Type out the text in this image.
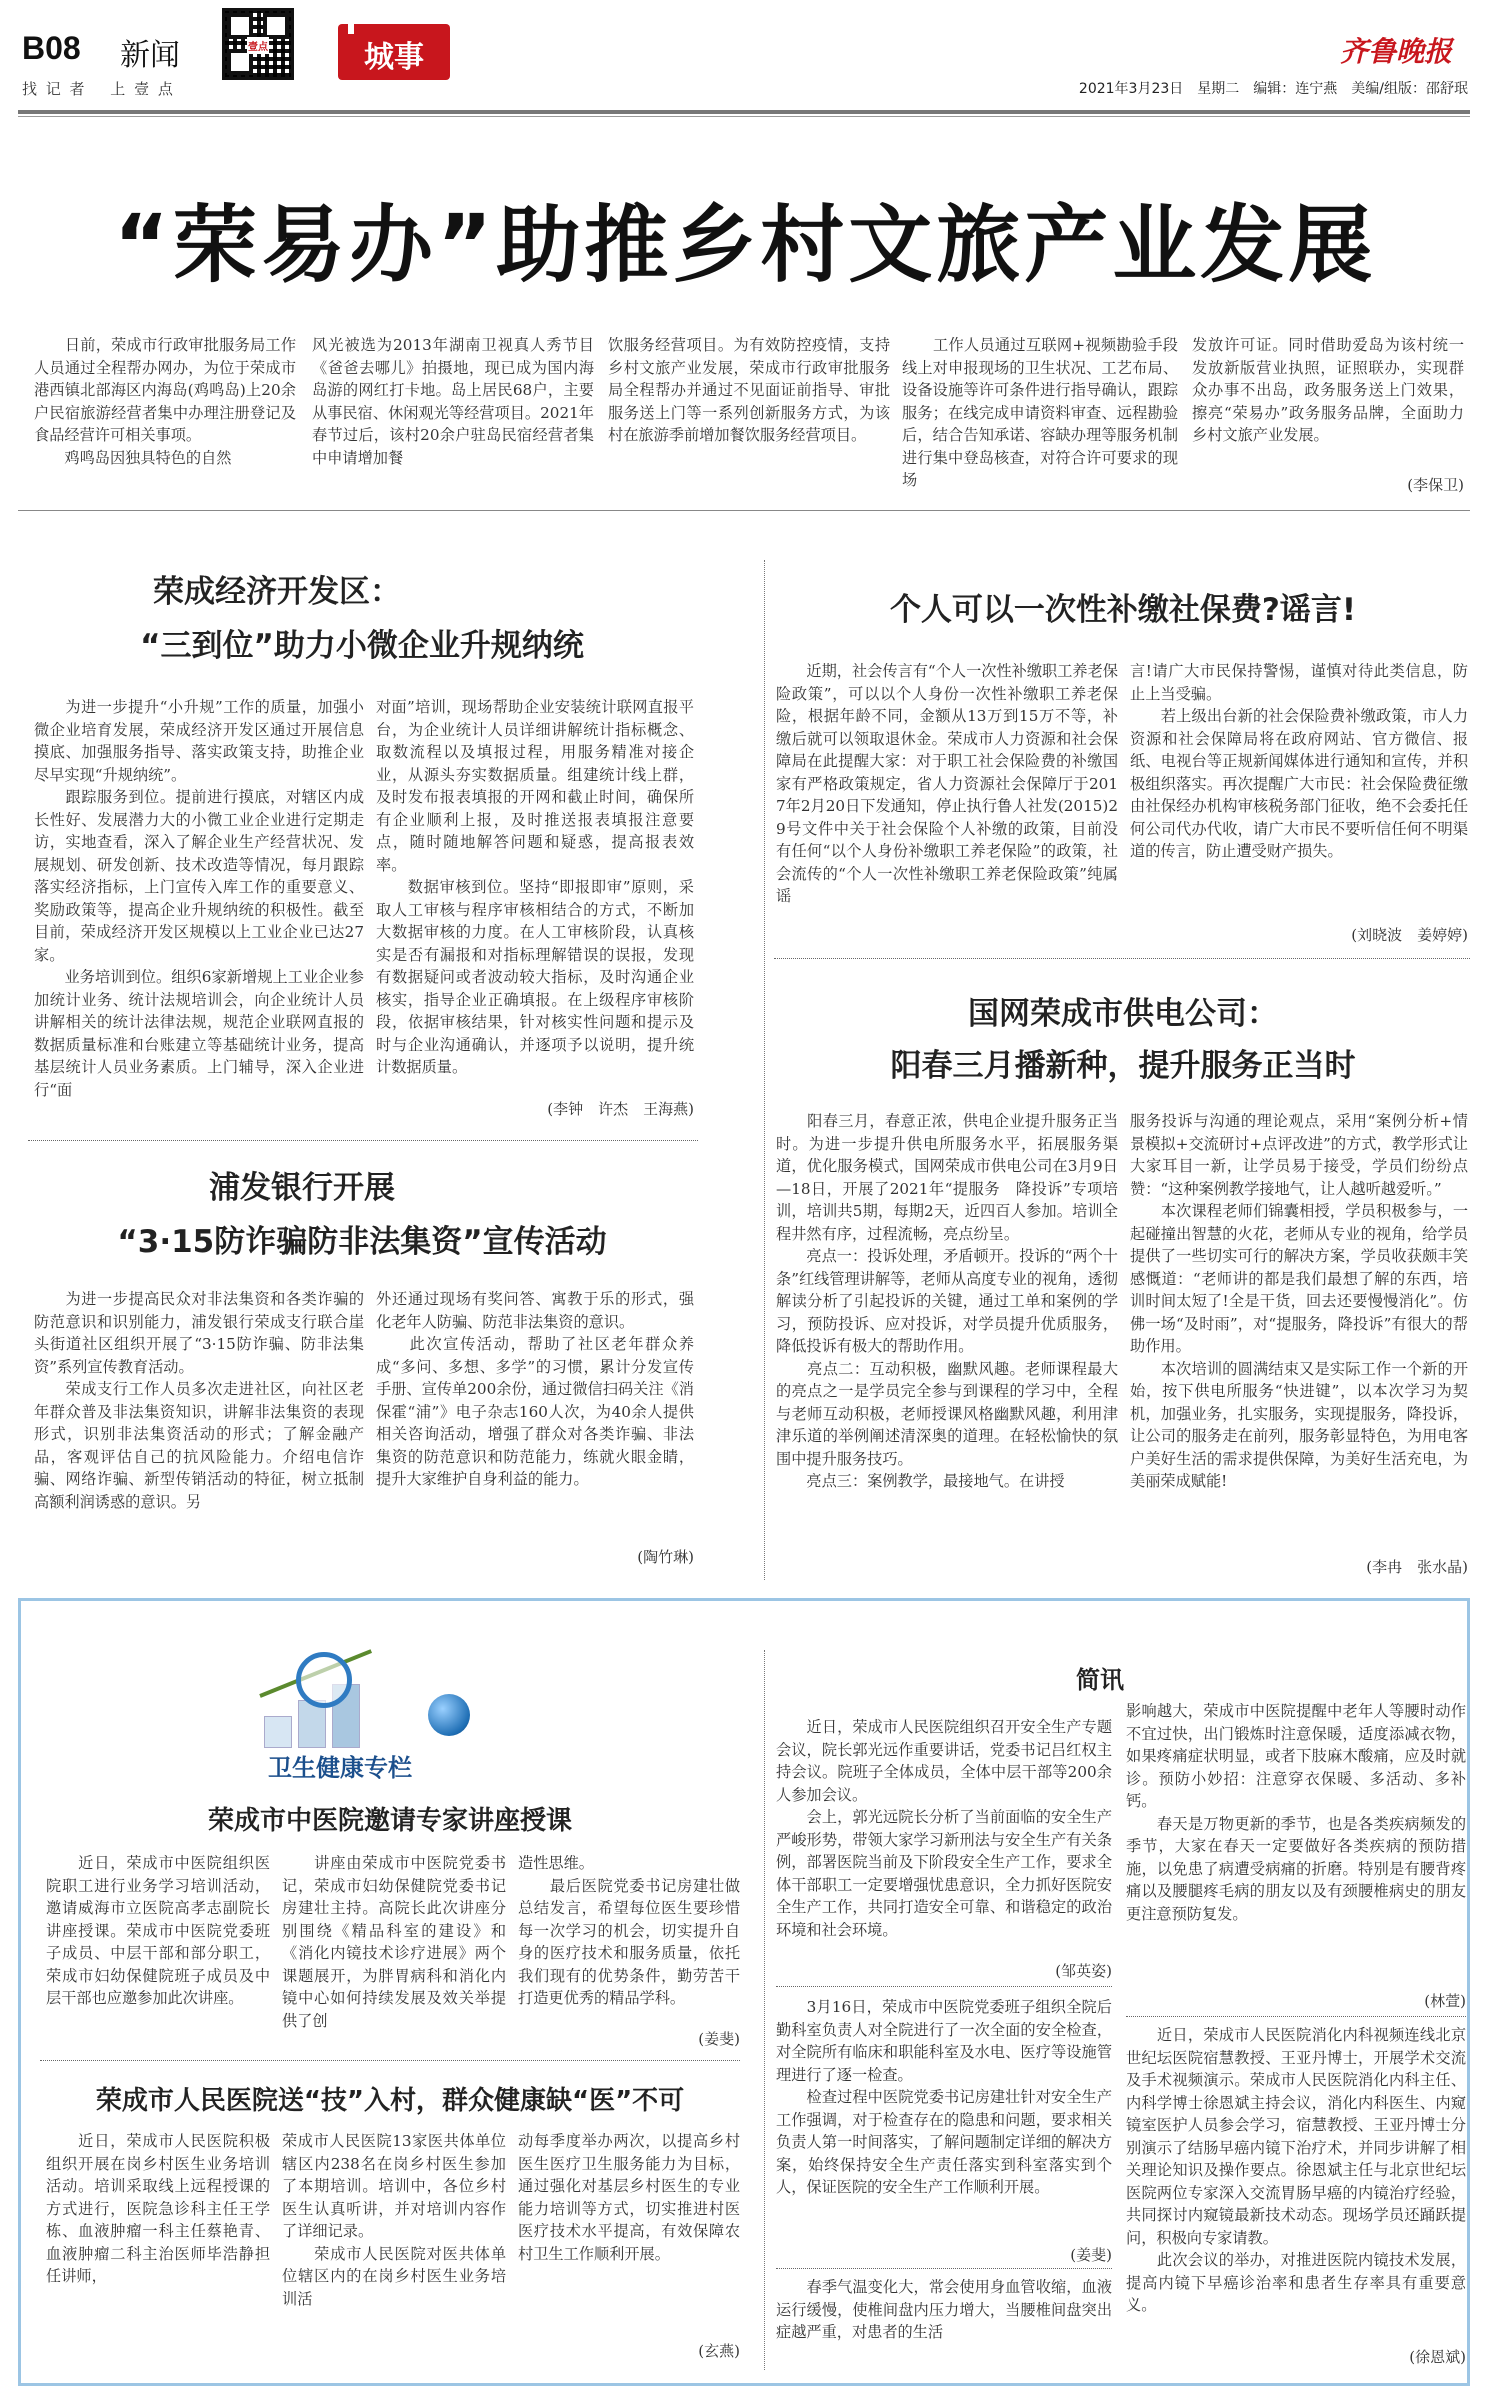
B08 新闻
找 记 者　 上 壹 点
壹点	城事	齐鲁晚报
2021年3月23日　星期二　编辑：连宁燕　美编/组版：邵舒珉
“荣易办”助推乡村文旅产业发展
　　日前，荣成市行政审批服务局工作人员通过全程帮办网办，为位于荣成市港西镇北部海区内海岛(鸡鸣岛)上20余户民宿旅游经营者集中办理注册登记及食品经营许可相关事项。
　　鸡鸣岛因独具特色的自然
风光被选为2013年湖南卫视真人秀节目《爸爸去哪儿》拍摄地，现已成为国内海岛游的网红打卡地。岛上居民68户，主要从事民宿、休闲观光等经营项目。2021年春节过后，该村20余户驻岛民宿经营者集中申请增加餐
饮服务经营项目。为有效防控疫情，支持乡村文旅产业发展，荣成市行政审批服务局全程帮办并通过不见面证前指导、审批服务送上门等一系列创新服务方式，为该村在旅游季前增加餐饮服务经营项目。
　　工作人员通过互联网+视频勘验手段线上对申报现场的卫生状况、工艺布局、设备设施等许可条件进行指导确认，跟踪服务；在线完成申请资料审查、远程勘验后，结合告知承诺、容缺办理等服务机制进行集中登岛核查，对符合许可要求的现场
发放许可证。同时借助爱岛为该村统一发放新版营业执照，证照联办，实现群众办事不出岛，政务服务送上门效果，擦亮“荣易办”政务服务品牌，全面助力乡村文旅产业发展。
(李保卫)
荣成经济开发区：
“三到位”助力小微企业升规纳统
　　为进一步提升“小升规”工作的质量，加强小微企业培育发展，荣成经济开发区通过开展信息摸底、加强服务指导、落实政策支持，助推企业尽早实现“升规纳统”。
　　跟踪服务到位。提前进行摸底，对辖区内成长性好、发展潜力大的小微工业企业进行定期走访，实地查看，深入了解企业生产经营状况、发展规划、研发创新、技术改造等情况，每月跟踪落实经济指标，上门宣传入库工作的重要意义、奖励政策等，提高企业升规纳统的积极性。截至目前，荣成经济开发区规模以上工业企业已达27家。
　　业务培训到位。组织6家新增规上工业企业参加统计业务、统计法规培训会，向企业统计人员讲解相关的统计法律法规，规范企业联网直报的数据质量标准和台账建立等基础统计业务，提高基层统计人员业务素质。上门辅导，深入企业进行“面
对面”培训，现场帮助企业安装统计联网直报平台，为企业统计人员详细讲解统计指标概念、取数流程以及填报过程，用服务精准对接企业，从源头夯实数据质量。组建统计线上群，及时发布报表填报的开网和截止时间，确保所有企业顺利上报，及时推送报表填报注意要点，随时随地解答问题和疑惑，提高报表效率。
　　数据审核到位。坚持“即报即审”原则，采取人工审核与程序审核相结合的方式，不断加大数据审核的力度。在人工审核阶段，认真核实是否有漏报和对指标理解错误的误报，发现有数据疑问或者波动较大指标，及时沟通企业核实，指导企业正确填报。在上级程序审核阶段，依据审核结果，针对核实性问题和提示及时与企业沟通确认，并逐项予以说明，提升统计数据质量。
(李钟　许杰　王海燕)
浦发银行开展
“3·15防诈骗防非法集资”宣传活动
　　为进一步提高民众对非法集资和各类诈骗的防范意识和识别能力，浦发银行荣成支行联合崖头街道社区组织开展了“3·15防诈骗、防非法集资”系列宣传教育活动。
　　荣成支行工作人员多次走进社区，向社区老年群众普及非法集资知识，讲解非法集资的表现形式，识别非法集资活动的形式；了解金融产品，客观评估自己的抗风险能力。介绍电信诈骗、网络诈骗、新型传销活动的特征，树立抵制高额利润诱惑的意识。另
外还通过现场有奖问答、寓教于乐的形式，强化老年人防骗、防范非法集资的意识。
　　此次宣传活动，帮助了社区老年群众养成“多问、多想、多学”的习惯，累计分发宣传手册、宣传单200余份，通过微信扫码关注《消保霍“浦”》电子杂志160人次，为40余人提供相关咨询活动，增强了群众对各类诈骗、非法集资的防范意识和防范能力，练就火眼金睛，提升大家维护自身利益的能力。
(陶竹琳)
个人可以一次性补缴社保费?谣言!
　　近期，社会传言有“个人一次性补缴职工养老保险政策”，可以以个人身份一次性补缴职工养老保险，根据年龄不同，金额从13万到15万不等，补缴后就可以领取退休金。荣成市人力资源和社会保障局在此提醒大家：对于职工社会保险费的补缴国家有严格政策规定，省人力资源社会保障厅于2017年2月20日下发通知，停止执行鲁人社发(2015)29号文件中关于社会保险个人补缴的政策，目前没有任何“以个人身份补缴职工养老保险”的政策，社会流传的“个人一次性补缴职工养老保险政策”纯属谣
言!请广大市民保持警惕，谨慎对待此类信息，防止上当受骗。
　　若上级出台新的社会保险费补缴政策，市人力资源和社会保障局将在政府网站、官方微信、报纸、电视台等正规新闻媒体进行通知和宣传，并积极组织落实。再次提醒广大市民：社会保险费征缴由社保经办机构审核税务部门征收，绝不会委托任何公司代办代收，请广大市民不要听信任何不明渠道的传言，防止遭受财产损失。
(刘晓波　姜婷婷)
国网荣成市供电公司：
阳春三月播新种，提升服务正当时
　　阳春三月，春意正浓，供电企业提升服务正当时。为进一步提升供电所服务水平，拓展服务渠道，优化服务模式，国网荣成市供电公司在3月9日—18日，开展了2021年“提服务　降投诉”专项培训，培训共5期，每期2天，近四百人参加。培训全程井然有序，过程流畅，亮点纷呈。
　　亮点一：投诉处理，矛盾顿开。投诉的“两个十条”红线管理讲解等，老师从高度专业的视角，透彻解读分析了引起投诉的关键，通过工单和案例的学习，预防投诉、应对投诉，对学员提升优质服务，降低投诉有极大的帮助作用。
　　亮点二：互动积极，幽默风趣。老师课程最大的亮点之一是学员完全参与到课程的学习中，全程与老师互动积极，老师授课风格幽默风趣，利用津津乐道的举例阐述清深奥的道理。在轻松愉快的氛围中提升服务技巧。
　　亮点三：案例教学，最接地气。在讲授
服务投诉与沟通的理论观点，采用“案例分析+情景模拟+交流研讨+点评改进”的方式，教学形式让大家耳目一新，让学员易于接受，学员们纷纷点赞：“这种案例教学接地气，让人越听越爱听。”
　　本次课程老师们锦囊相授，学员积极参与，一起碰撞出智慧的火花，老师从专业的视角，给学员提供了一些切实可行的解决方案，学员收获颇丰笑感慨道：“老师讲的都是我们最想了解的东西，培训时间太短了!全是干货，回去还要慢慢消化”。仿佛一场“及时雨”，对“提服务，降投诉”有很大的帮助作用。
　　本次培训的圆满结束又是实际工作一个新的开始，按下供电所服务“快进键”，以本次学习为契机，加强业务，扎实服务，实现提服务，降投诉，让公司的服务走在前列，服务彰显特色，为用电客户美好生活的需求提供保障，为美好生活充电，为美丽荣成赋能!
(李冉　张水晶)
卫生健康专栏
荣成市中医院邀请专家讲座授课
　　近日，荣成市中医院组织医院职工进行业务学习培训活动，邀请威海市立医院高孝志副院长讲座授课。荣成市中医院党委班子成员、中层干部和部分职工，荣成市妇幼保健院班子成员及中层干部也应邀参加此次讲座。
　　讲座由荣成市中医院党委书记，荣成市妇幼保健院党委书记房建壮主持。高院长此次讲座分别围绕《精品科室的建设》和《消化内镜技术诊疗进展》两个课题展开，为胖胃病科和消化内镜中心如何持续发展及效关举提供了创
造性思维。
　　最后医院党委书记房建壮做总结发言，希望每位医生要珍惜每一次学习的机会，切实提升自身的医疗技术和服务质量，依托我们现有的优势条件，勤劳苦干打造更优秀的精品学科。
(姜斐)
荣成市人民医院送“技”入村，群众健康缺“医”不可
　　近日，荣成市人民医院积极组织开展在岗乡村医生业务培训活动。培训采取线上远程授课的方式进行，医院急诊科主任王学栋、血液肿瘤一科主任蔡艳青、血液肿瘤二科主治医师毕浩静担任讲师，
荣成市人民医院13家医共体单位辖区内238名在岗乡村医生参加了本期培训。培训中，各位乡村医生认真听讲，并对培训内容作了详细记录。
　　荣成市人民医院对医共体单位辖区内的在岗乡村医生业务培训活
动每季度举办两次，以提高乡村医生医疗卫生服务能力为目标，通过强化对基层乡村医生的专业能力培训等方式，切实推进村医医疗技术水平提高，有效保障农村卫生工作顺利开展。
(玄燕)
简讯
　　近日，荣成市人民医院组织召开安全生产专题会议，院长郭光远作重要讲话，党委书记吕红权主持会议。院班子全体成员，全体中层干部等200余人参加会议。
　　会上，郭光远院长分析了当前面临的安全生产严峻形势，带领大家学习新刑法与安全生产有关条例，部署医院当前及下阶段安全生产工作，要求全体干部职工一定要增强忧患意识，全力抓好医院安全生产工作，共同打造安全可靠、和谐稳定的政治环境和社会环境。
(邹英姿)
　　3月16日，荣成市中医院党委班子组织全院后勤科室负责人对全院进行了一次全面的安全检查，对全院所有临床和职能科室及水电、医疗等设施管理进行了逐一检查。
　　检查过程中医院党委书记房建壮针对安全生产工作强调，对于检查存在的隐患和问题，要求相关负责人第一时间落实，了解问题制定详细的解决方案，始终保持安全生产责任落实到科室落实到个人，保证医院的安全生产工作顺利开展。
(姜斐)
　　春季气温变化大，常会使用身血管收缩，血液运行缓慢，使椎间盘内压力增大，当腰椎间盘突出症越严重，对患者的生活
影响越大，荣成市中医院提醒中老年人等腰时动作不宜过快，出门锻炼时注意保暖，适度添减衣物，如果疼痛症状明显，或者下肢麻木酸痛，应及时就诊。预防小妙招：注意穿衣保暖、多活动、多补钙。
　　春天是万物更新的季节，也是各类疾病频发的季节，大家在春天一定要做好各类疾病的预防措施，以免患了病遭受病痛的折磨。特别是有腰背疼痛以及腰腿疼毛病的朋友以及有颈腰椎病史的朋友更注意预防复发。
(林萱)
　　近日，荣成市人民医院消化内科视频连线北京世纪坛医院宿慧教授、王亚丹博士，开展学术交流及手术视频演示。荣成市人民医院消化内科主任、内科学博士徐恩斌主持会议，消化内科医生、内窥镜室医护人员参会学习，宿慧教授、王亚丹博士分别演示了结肠早癌内镜下治疗术，并同步讲解了相关理论知识及操作要点。徐恩斌主任与北京世纪坛医院两位专家深入交流胃肠早癌的内镜治疗经验，共同探讨内窥镜最新技术动态。现场学员还踊跃提问，积极向专家请教。
　　此次会议的举办，对推进医院内镜技术发展，提高内镜下早癌诊治率和患者生存率具有重要意义。
(徐恩斌)
